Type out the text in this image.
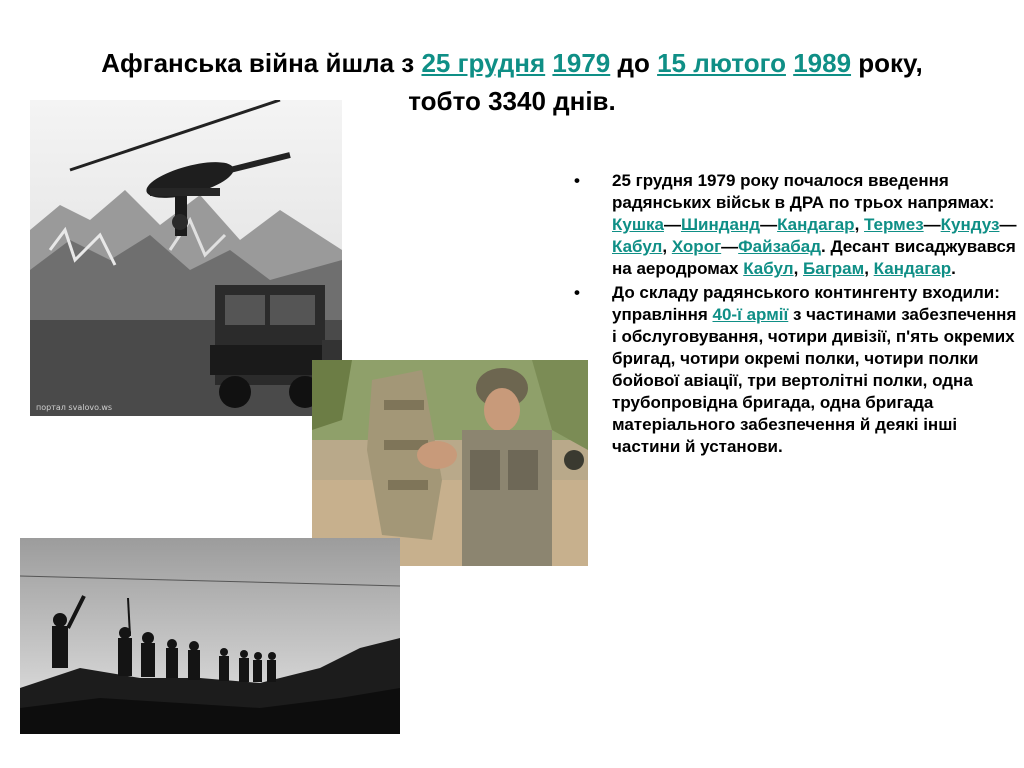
Афганська війна йшла з 25 грудня 1979 до 15 лютого 1989 року,
тобто 3340 днів.
портал svalovo.ws
• 25 грудня 1979 року почалося введення радянських військ в ДРА по трьох напрямах: Кушка—Шинданд—Кандагар, Термез—Кундуз—Кабул, Хорог—Файзабад. Десант висаджувався на аеродромах Кабул, Баграм, Кандагар.
• До складу радянського контингенту входили: управління 40-ї армії з частинами забезпечення і обслуговування, чотири дивізії, п'ять окремих бригад, чотири окремі полки, чотири полки бойової авіації, три вертолітні полки, одна трубопровідна бригада, одна бригада матеріального забезпечення й деякі інші частини й установи.
